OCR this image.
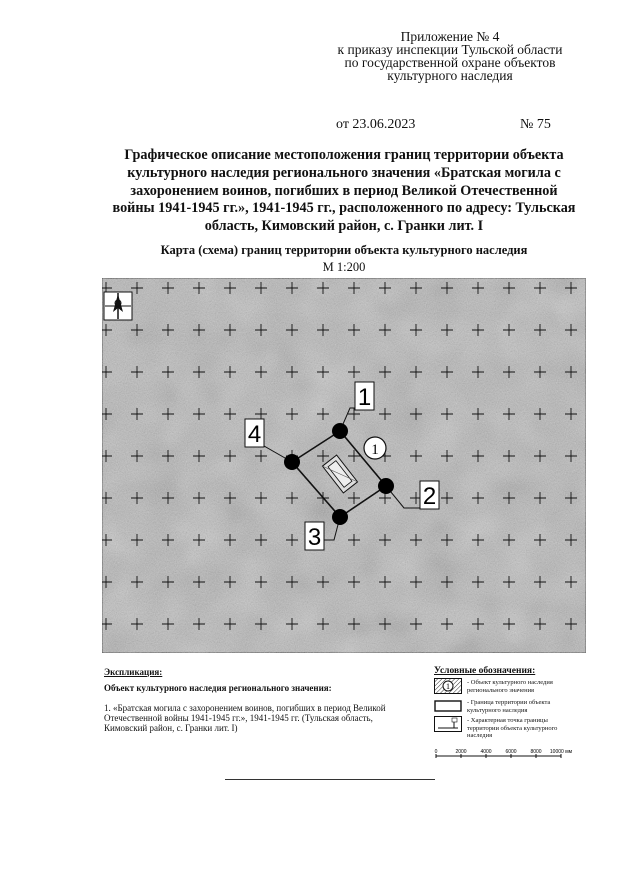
Приложение № 4
к приказу инспекции Тульской области
по государственной охране объектов
культурного наследия
от 23.06.2023	№ 75
Графическое описание местоположения границ территории объекта
культурного наследия регионального значения «Братская могила с
захоронением воинов, погибших в период Великой Отечественной
войны 1941-1945 гг.», 1941-1945 гг., расположенного по адресу: Тульская
область, Кимовский район, с. Гранки лит. I
Карта (схема) границ территории объекта культурного наследия
М 1:200
1
2
3
4
1
Экспликация:
Объект культурного наследия регионального значения:
1. «Братская могила с захоронением воинов, погибших в период Великой
Отечественной войны 1941-1945 гг.», 1941-1945 гг. (Тульская область,
Кимовский район, с. Гранки лит. I)
Условные обозначения:
1	- Объект культурного наследия
регионального значения
- Граница территории объекта
культурного наследия
- Характерная точка границы
территории объекта культурного
наследия
0	2000	4000	6000	8000 10000 мм
